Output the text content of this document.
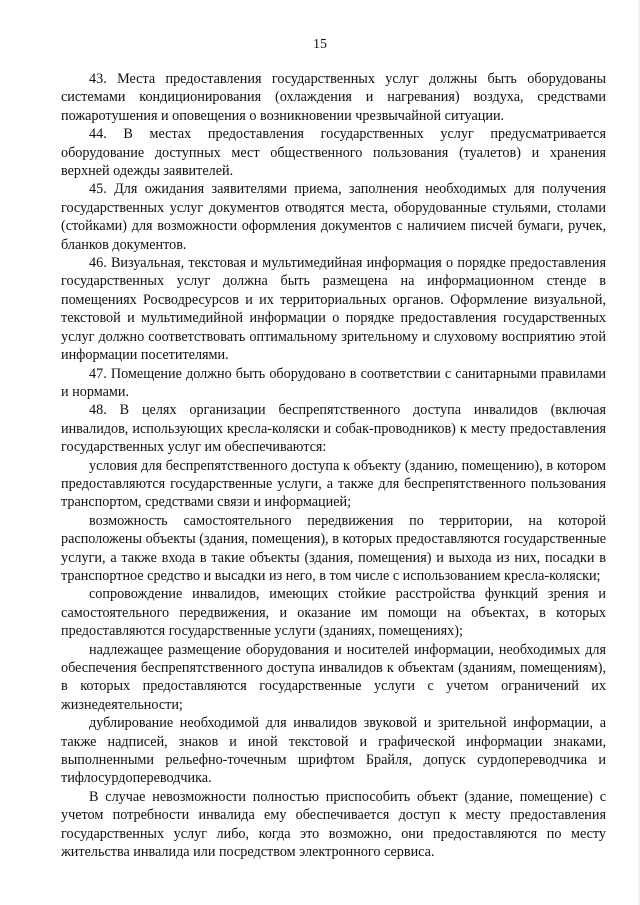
15

43. Места предоставления государственных услуг должны быть оборудованы системами кондиционирования (охлаждения и нагревания) воздуха, средствами пожаротушения и оповещения о возникновении чрезвычайной ситуации.

44. В местах предоставления государственных услуг предусматривается оборудование доступных мест общественного пользования (туалетов) и хранения верхней одежды заявителей.

45. Для ожидания заявителями приема, заполнения необходимых для получения государственных услуг документов отводятся места, оборудованные стульями, столами (стойками) для возможности оформления документов с наличием писчей бумаги, ручек, бланков документов.

46. Визуальная, текстовая и мультимедийная информация о порядке предоставления государственных услуг должна быть размещена на информационном стенде в помещениях Росводресурсов и их территориальных органов. Оформление визуальной, текстовой и мультимедийной информации о порядке предоставления государственных услуг должно соответствовать оптимальному зрительному и слуховому восприятию этой информации посетителями.

47. Помещение должно быть оборудовано в соответствии с санитарными правилами и нормами.

48. В целях организации беспрепятственного доступа инвалидов (включая инвалидов, использующих кресла-коляски и собак-проводников) к месту предоставления государственных услуг им обеспечиваются:

условия для беспрепятственного доступа к объекту (зданию, помещению), в котором предоставляются государственные услуги, а также для беспрепятственного пользования транспортом, средствами связи и информацией;

возможность самостоятельного передвижения по территории, на которой расположены объекты (здания, помещения), в которых предоставляются государственные услуги, а также входа в такие объекты (здания, помещения) и выхода из них, посадки в транспортное средство и высадки из него, в том числе с использованием кресла-коляски;

сопровождение инвалидов, имеющих стойкие расстройства функций зрения и самостоятельного передвижения, и оказание им помощи на объектах, в которых предоставляются государственные услуги (зданиях, помещениях);

надлежащее размещение оборудования и носителей информации, необходимых для обеспечения беспрепятственного доступа инвалидов к объектам (зданиям, помещениям), в которых предоставляются государственные услуги с учетом ограничений их жизнедеятельности;

дублирование необходимой для инвалидов звуковой и зрительной информации, а также надписей, знаков и иной текстовой и графической информации знаками, выполненными рельефно-точечным шрифтом Брайля, допуск сурдопереводчика и тифлосурдопереводчика.

В случае невозможности полностью приспособить объект (здание, помещение) с учетом потребности инвалида ему обеспечивается доступ к месту предоставления государственных услуг либо, когда это возможно, они предоставляются по месту жительства инвалида или посредством электронного сервиса.
